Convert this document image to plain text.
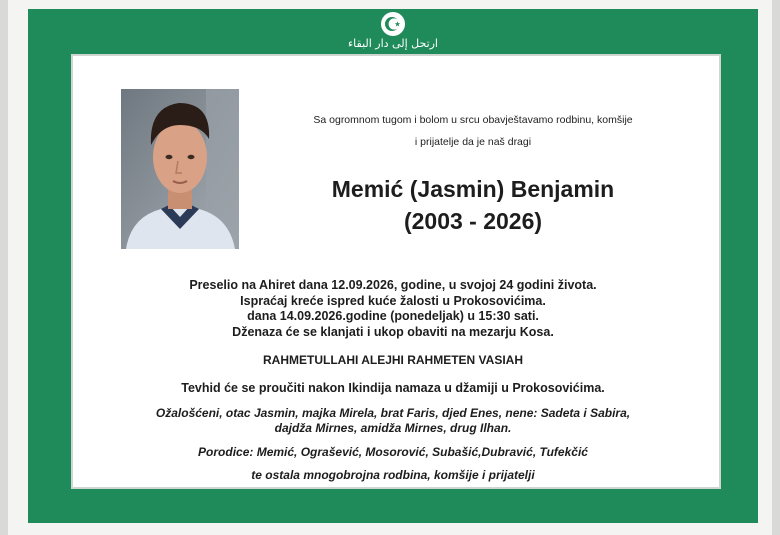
ارتحل إلى دار البقاء
Sa ogromnom tugom i bolom u srcu obavještavamo rodbinu, komšije
i prijatelje da je naš dragi
Memić (Jasmin) Benjamin
(2003 - 2026)
Preselio na Ahiret dana 12.09.2026, godine, u svojoj 24 godini života.
Ispraćaj kreće ispred kuće žalosti u Prokosovićima.
dana 14.09.2026.godine (ponedeljak) u 15:30 sati.
Dženaza će se klanjati i ukop obaviti na mezarju Kosa.
RAHMETULLAHI ALEJHI RAHMETEN VASIAH
Tevhid će se proučiti nakon Ikindija namaza u džamiji u Prokosovićima.
Ožalošćeni, otac Jasmin, majka Mirela, brat Faris, djed Enes, nene: Sadeta i Sabira,
dajdža Mirnes, amidža Mirnes, drug Ilhan.
Porodice: Memić, Ograšević, Mosorović, Subašić,Dubravić, Tufekčić
te ostala mnogobrojna rodbina, komšije i prijatelji
